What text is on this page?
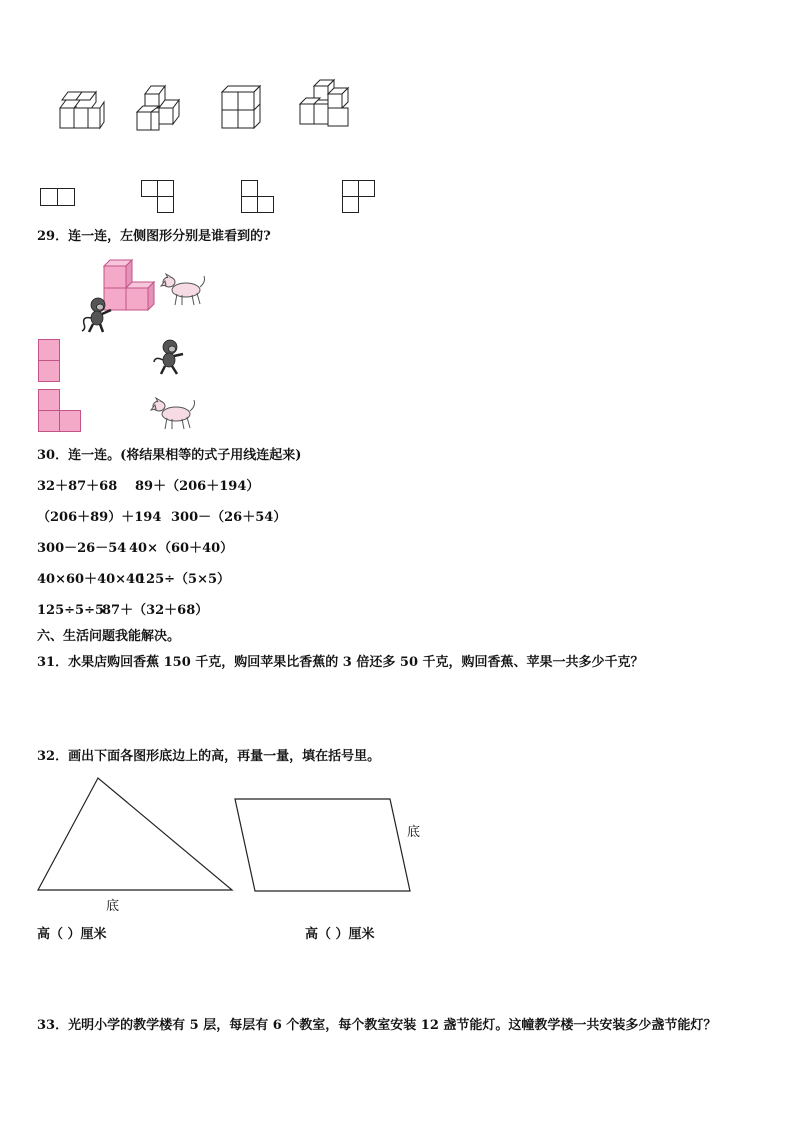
29．连一连，左侧图形分别是谁看到的?
30．连一连。(将结果相等的式子用线连起来)
32＋87＋68 89＋（206＋194）
（206＋89）＋194 300－（26＋54）
300－26－54 40×（60＋40）
40×60＋40×40
125÷（5×5）
125÷5÷5
87＋（32＋68）
六、生活问题我能解决。
31．水果店购回香蕉 150 千克，购回苹果比香蕉的 3 倍还多 50 千克，购回香蕉、苹果一共多少千克？
32．画出下面各图形底边上的高，再量一量，填在括号里。
底
底
高（ ）厘米	高（ ）厘米
33．光明小学的教学楼有 5 层，每层有 6 个教室，每个教室安装 12 盏节能灯。这幢教学楼一共安装多少盏节能灯？
